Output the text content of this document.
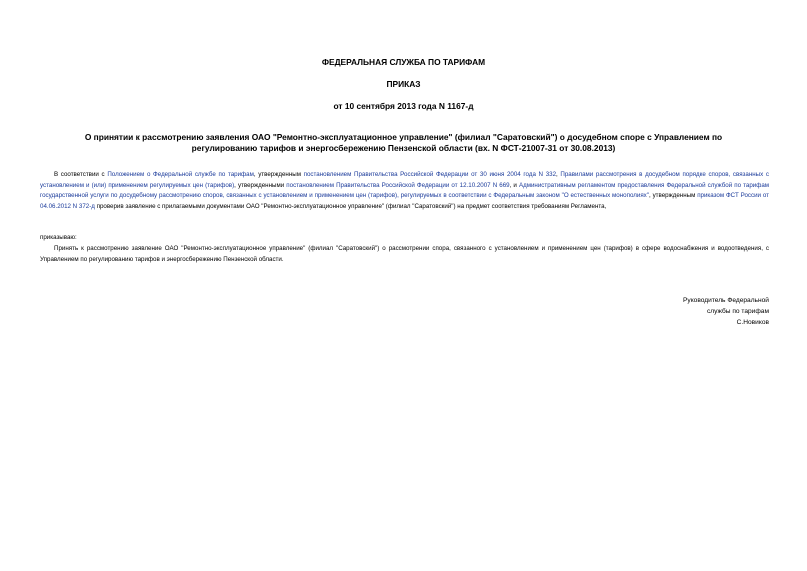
ФЕДЕРАЛЬНАЯ СЛУЖБА ПО ТАРИФАМ
ПРИКАЗ
от 10 сентября 2013 года N 1167-д
О принятии к рассмотрению заявления ОАО "Ремонтно-эксплуатационное управление" (филиал "Саратовский") о досудебном споре с Управлением по
регулированию тарифов и энергосбережению Пензенской области (вх. N ФСТ-21007-31 от 30.08.2013)
В соответствии с Положением о Федеральной службе по тарифам, утвержденным постановлением Правительства Российской Федерации от 30 июня 2004 года N 332, Правилами рассмотрения в досудебном порядке споров, связанных с установлением и (или) применением регулируемых цен (тарифов), утвержденными постановлением Правительства Российской Федерации от 12.10.2007 N 669, и Административным регламентом предоставления Федеральной службой по тарифам государственной услуги по досудебному рассмотрению споров, связанных с установлением и применением цен (тарифов), регулируемых в соответствии с Федеральным законом "О естественных монополиях", утвержденным приказом ФСТ России от 04.06.2012 N 372-д проверив заявление с прилагаемыми документами ОАО "Ремонтно-эксплуатационное управление" (филиал "Саратовский") на предмет соответствия требованиям Регламента,
приказываю:
Принять к рассмотрению заявление ОАО "Ремонтно-эксплуатационное управление" (филиал "Саратовский") о рассмотрении спора, связанного с установлением и применением цен (тарифов) в сфере водоснабжения и водоотведения, с Управлением по регулированию тарифов и энергосбережению Пензенской области.
Руководитель Федеральной
службы по тарифам
С.Новиков
